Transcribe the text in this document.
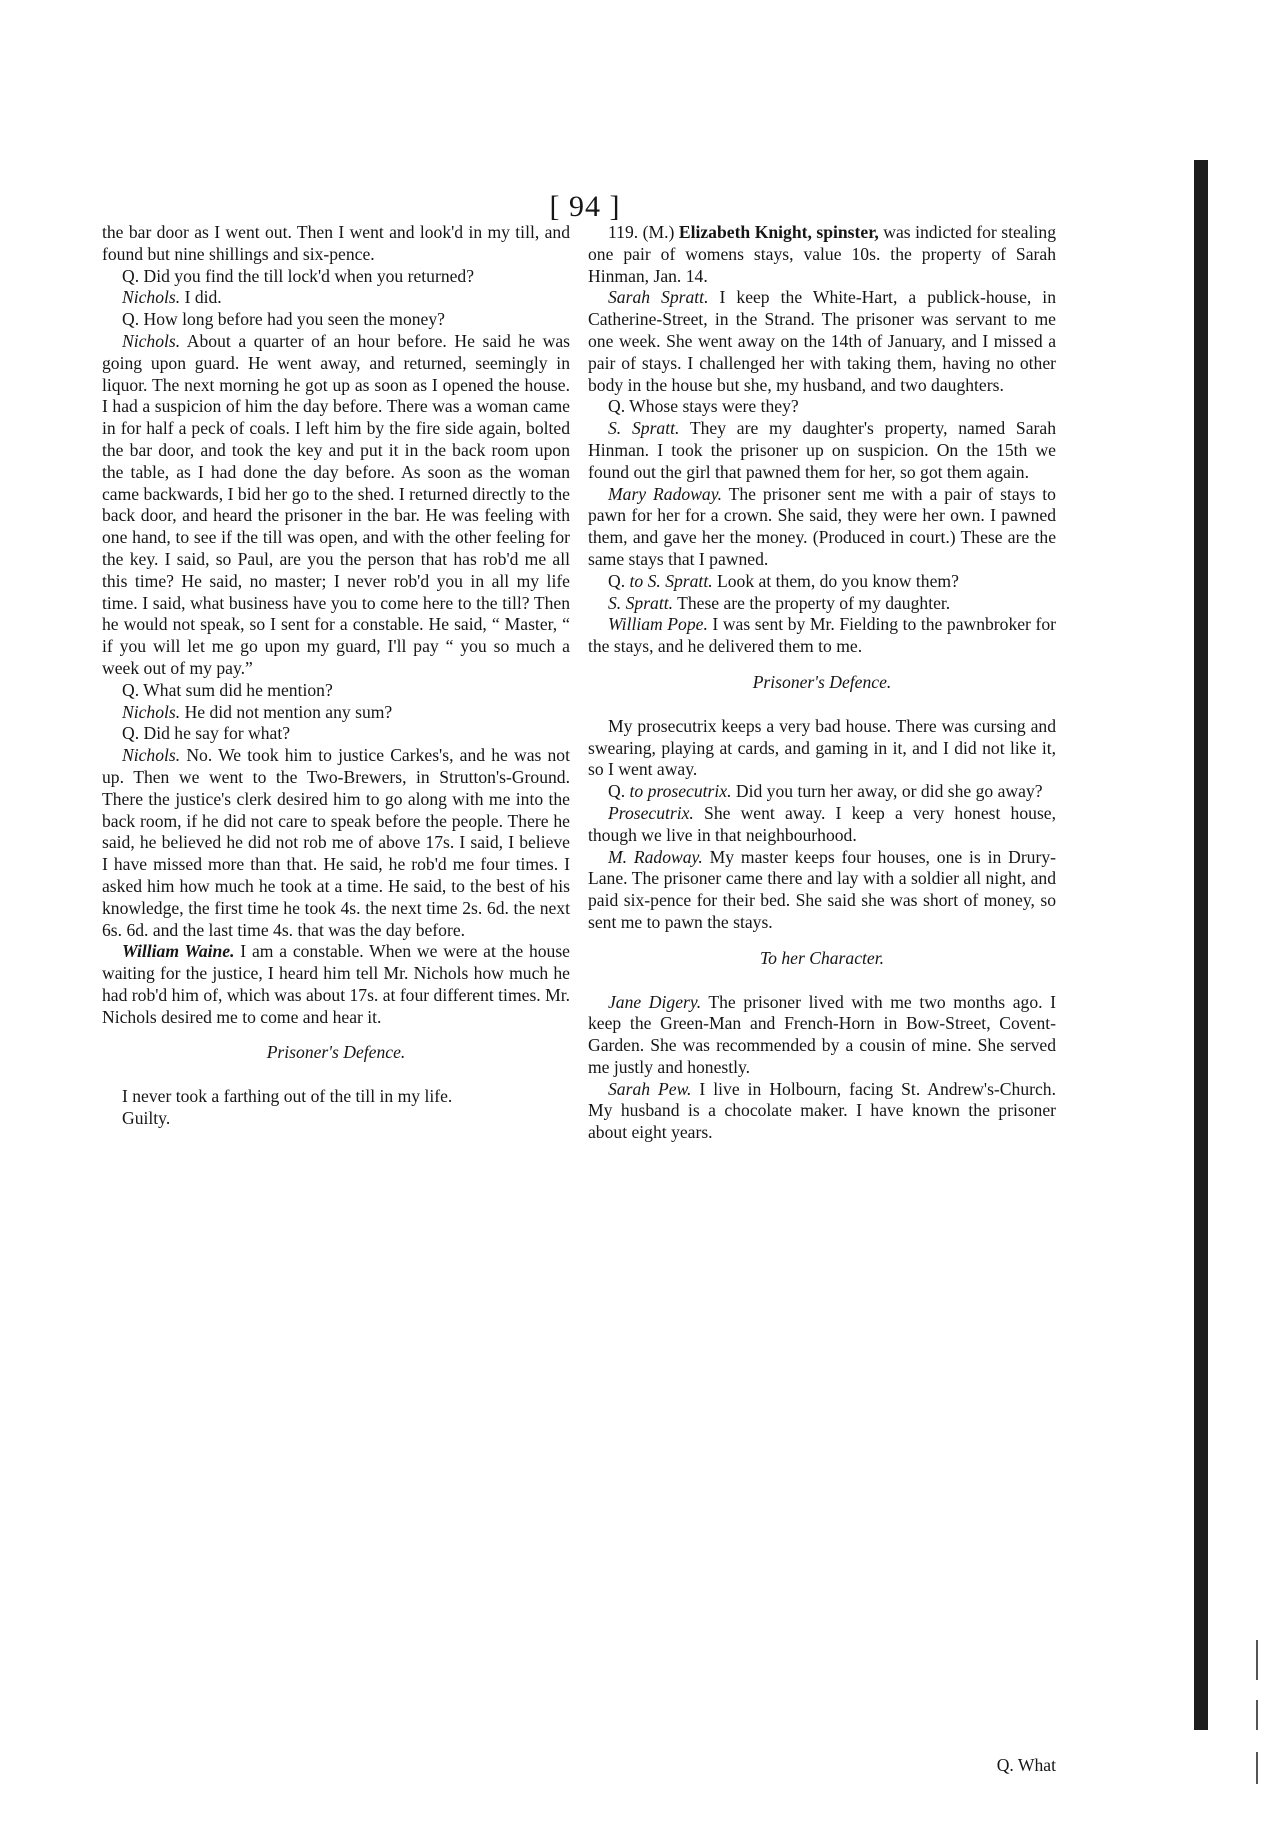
[ 94 ]

the bar door as I went out. Then I went and look'd in my till, and found but nine shillings and six-pence.

Q. Did you find the till lock'd when you returned?

Nichols. I did.

Q. How long before had you seen the money?

Nichols. About a quarter of an hour before. He said he was going upon guard. He went away, and returned, seemingly in liquor. The next morning he got up as soon as I opened the house. I had a suspicion of him the day before. There was a woman came in for half a peck of coals. I left him by the fire side again, bolted the bar door, and took the key and put it in the back room upon the table, as I had done the day before. As soon as the woman came backwards, I bid her go to the shed. I returned directly to the back door, and heard the prisoner in the bar. He was feeling with one hand, to see if the till was open, and with the other feeling for the key. I said, so Paul, are you the person that has rob'd me all this time? He said, no master; I never rob'd you in all my life time. I said, what business have you to come here to the till? Then he would not speak, so I sent for a constable. He said, “ Master, “ if you will let me go upon my guard, I'll pay “ you so much a week out of my pay.”

Q. What sum did he mention?

Nichols. He did not mention any sum?

Q. Did he say for what?

Nichols. No. We took him to justice Carkes's, and he was not up. Then we went to the Two-Brewers, in Strutton's-Ground. There the justice's clerk desired him to go along with me into the back room, if he did not care to speak before the people. There he said, he believed he did not rob me of above 17s. I said, I believe I have missed more than that. He said, he rob'd me four times. I asked him how much he took at a time. He said, to the best of his knowledge, the first time he took 4s. the next time 2s. 6d. the next 6s. 6d. and the last time 4s. that was the day before.

William Waine. I am a constable. When we were at the house waiting for the justice, I heard him tell Mr. Nichols how much he had rob'd him of, which was about 17s. at four different times. Mr. Nichols desired me to come and hear it.

Prisoner's Defence.

I never took a farthing out of the till in my life.

Guilty.

119. (M.) Elizabeth Knight, spinster, was indicted for stealing one pair of womens stays, value 10s. the property of Sarah Hinman, Jan. 14.

Sarah Spratt. I keep the White-Hart, a publick-house, in Catherine-Street, in the Strand. The prisoner was servant to me one week. She went away on the 14th of January, and I missed a pair of stays. I challenged her with taking them, having no other body in the house but she, my husband, and two daughters.

Q. Whose stays were they?

S. Spratt. They are my daughter's property, named Sarah Hinman. I took the prisoner up on suspicion. On the 15th we found out the girl that pawned them for her, so got them again.

Mary Radoway. The prisoner sent me with a pair of stays to pawn for her for a crown. She said, they were her own. I pawned them, and gave her the money. (Produced in court.) These are the same stays that I pawned.

Q. to S. Spratt. Look at them, do you know them?

S. Spratt. These are the property of my daughter.

William Pope. I was sent by Mr. Fielding to the pawnbroker for the stays, and he delivered them to me.

Prisoner's Defence.

My prosecutrix keeps a very bad house. There was cursing and swearing, playing at cards, and gaming in it, and I did not like it, so I went away.

Q. to prosecutrix. Did you turn her away, or did she go away?

Prosecutrix. She went away. I keep a very honest house, though we live in that neighbourhood.

M. Radoway. My master keeps four houses, one is in Drury-Lane. The prisoner came there and lay with a soldier all night, and paid six-pence for their bed. She said she was short of money, so sent me to pawn the stays.

To her Character.

Jane Digery. The prisoner lived with me two months ago. I keep the Green-Man and French-Horn in Bow-Street, Covent-Garden. She was recommended by a cousin of mine. She served me justly and honestly.

Sarah Pew. I live in Holbourn, facing St. Andrew's-Church. My husband is a chocolate maker. I have known the prisoner about eight years.

Q. What
